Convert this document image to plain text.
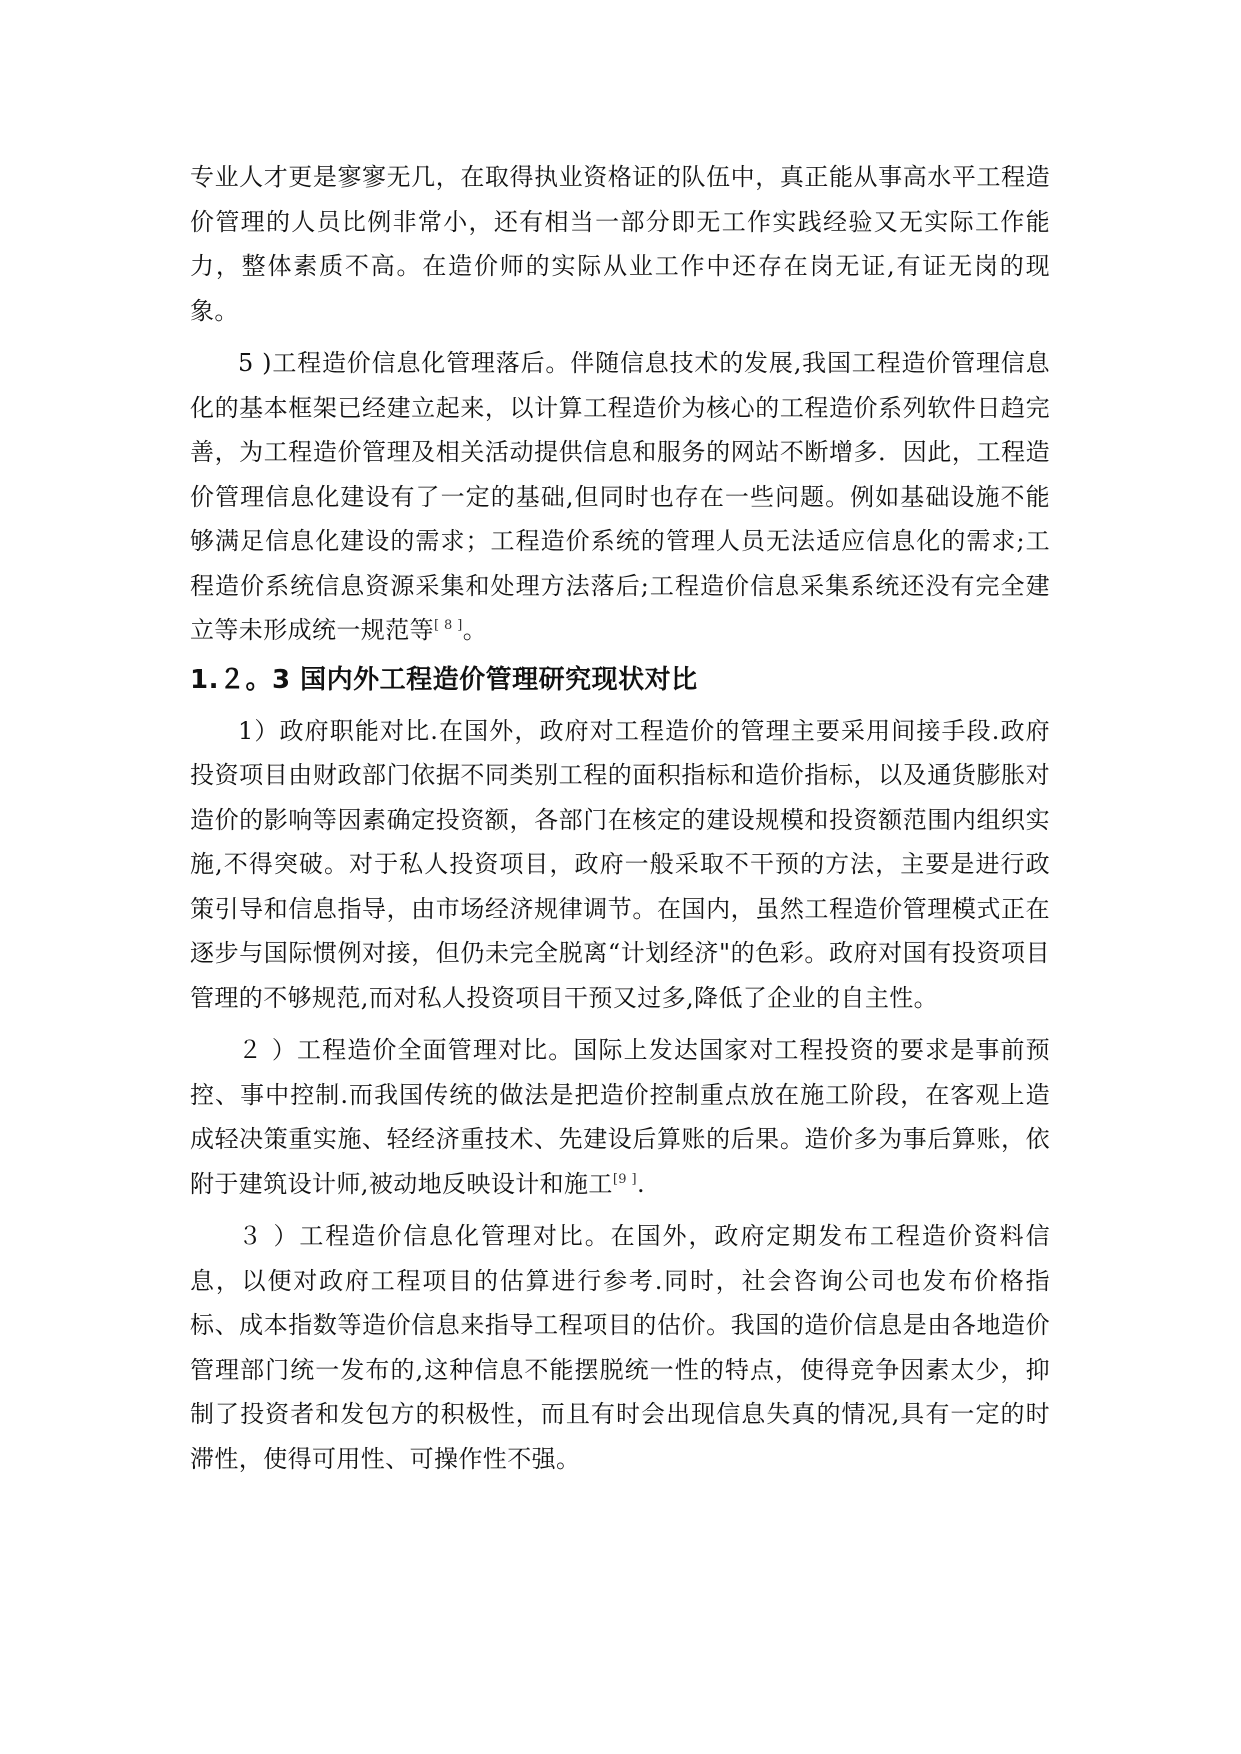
专业人才更是寥寥无几，在取得执业资格证的队伍中，真正能从事高水平工程造价管理的人员比例非常小，还有相当一部分即无工作实践经验又无实际工作能力，整体素质不高。在造价师的实际从业工作中还存在岗无证,有证无岗的现象。

5 )工程造价信息化管理落后。伴随信息技术的发展,我国工程造价管理信息化的基本框架已经建立起来，以计算工程造价为核心的工程造价系列软件日趋完善，为工程造价管理及相关活动提供信息和服务的网站不断增多．因此，工程造价管理信息化建设有了一定的基础,但同时也存在一些问题。例如基础设施不能够满足信息化建设的需求；工程造价系统的管理人员无法适应信息化的需求;工程造价系统信息资源采集和处理方法落后;工程造价信息采集系统还没有完全建立等未形成统一规范等[ 8 ]。

1.２。3 国内外工程造价管理研究现状对比

1）政府职能对比.在国外，政府对工程造价的管理主要采用间接手段.政府投资项目由财政部门依据不同类别工程的面积指标和造价指标，以及通货膨胀对造价的影响等因素确定投资额，各部门在核定的建设规模和投资额范围内组织实施,不得突破。对于私人投资项目，政府一般采取不干预的方法，主要是进行政策引导和信息指导，由市场经济规律调节。在国内，虽然工程造价管理模式正在逐步与国际惯例对接，但仍未完全脱离“计划经济"的色彩。政府对国有投资项目管理的不够规范,而对私人投资项目干预又过多,降低了企业的自主性。

２ ）工程造价全面管理对比。国际上发达国家对工程投资的要求是事前预控、事中控制.而我国传统的做法是把造价控制重点放在施工阶段，在客观上造成轻决策重实施、轻经济重技术、先建设后算账的后果。造价多为事后算账，依附于建筑设计师,被动地反映设计和施工[9 ].

３ ）工程造价信息化管理对比。在国外，政府定期发布工程造价资料信息，以便对政府工程项目的估算进行参考.同时，社会咨询公司也发布价格指标、成本指数等造价信息来指导工程项目的估价。我国的造价信息是由各地造价管理部门统一发布的,这种信息不能摆脱统一性的特点，使得竞争因素太少，抑制了投资者和发包方的积极性，而且有时会出现信息失真的情况,具有一定的时滞性，使得可用性、可操作性不强。
